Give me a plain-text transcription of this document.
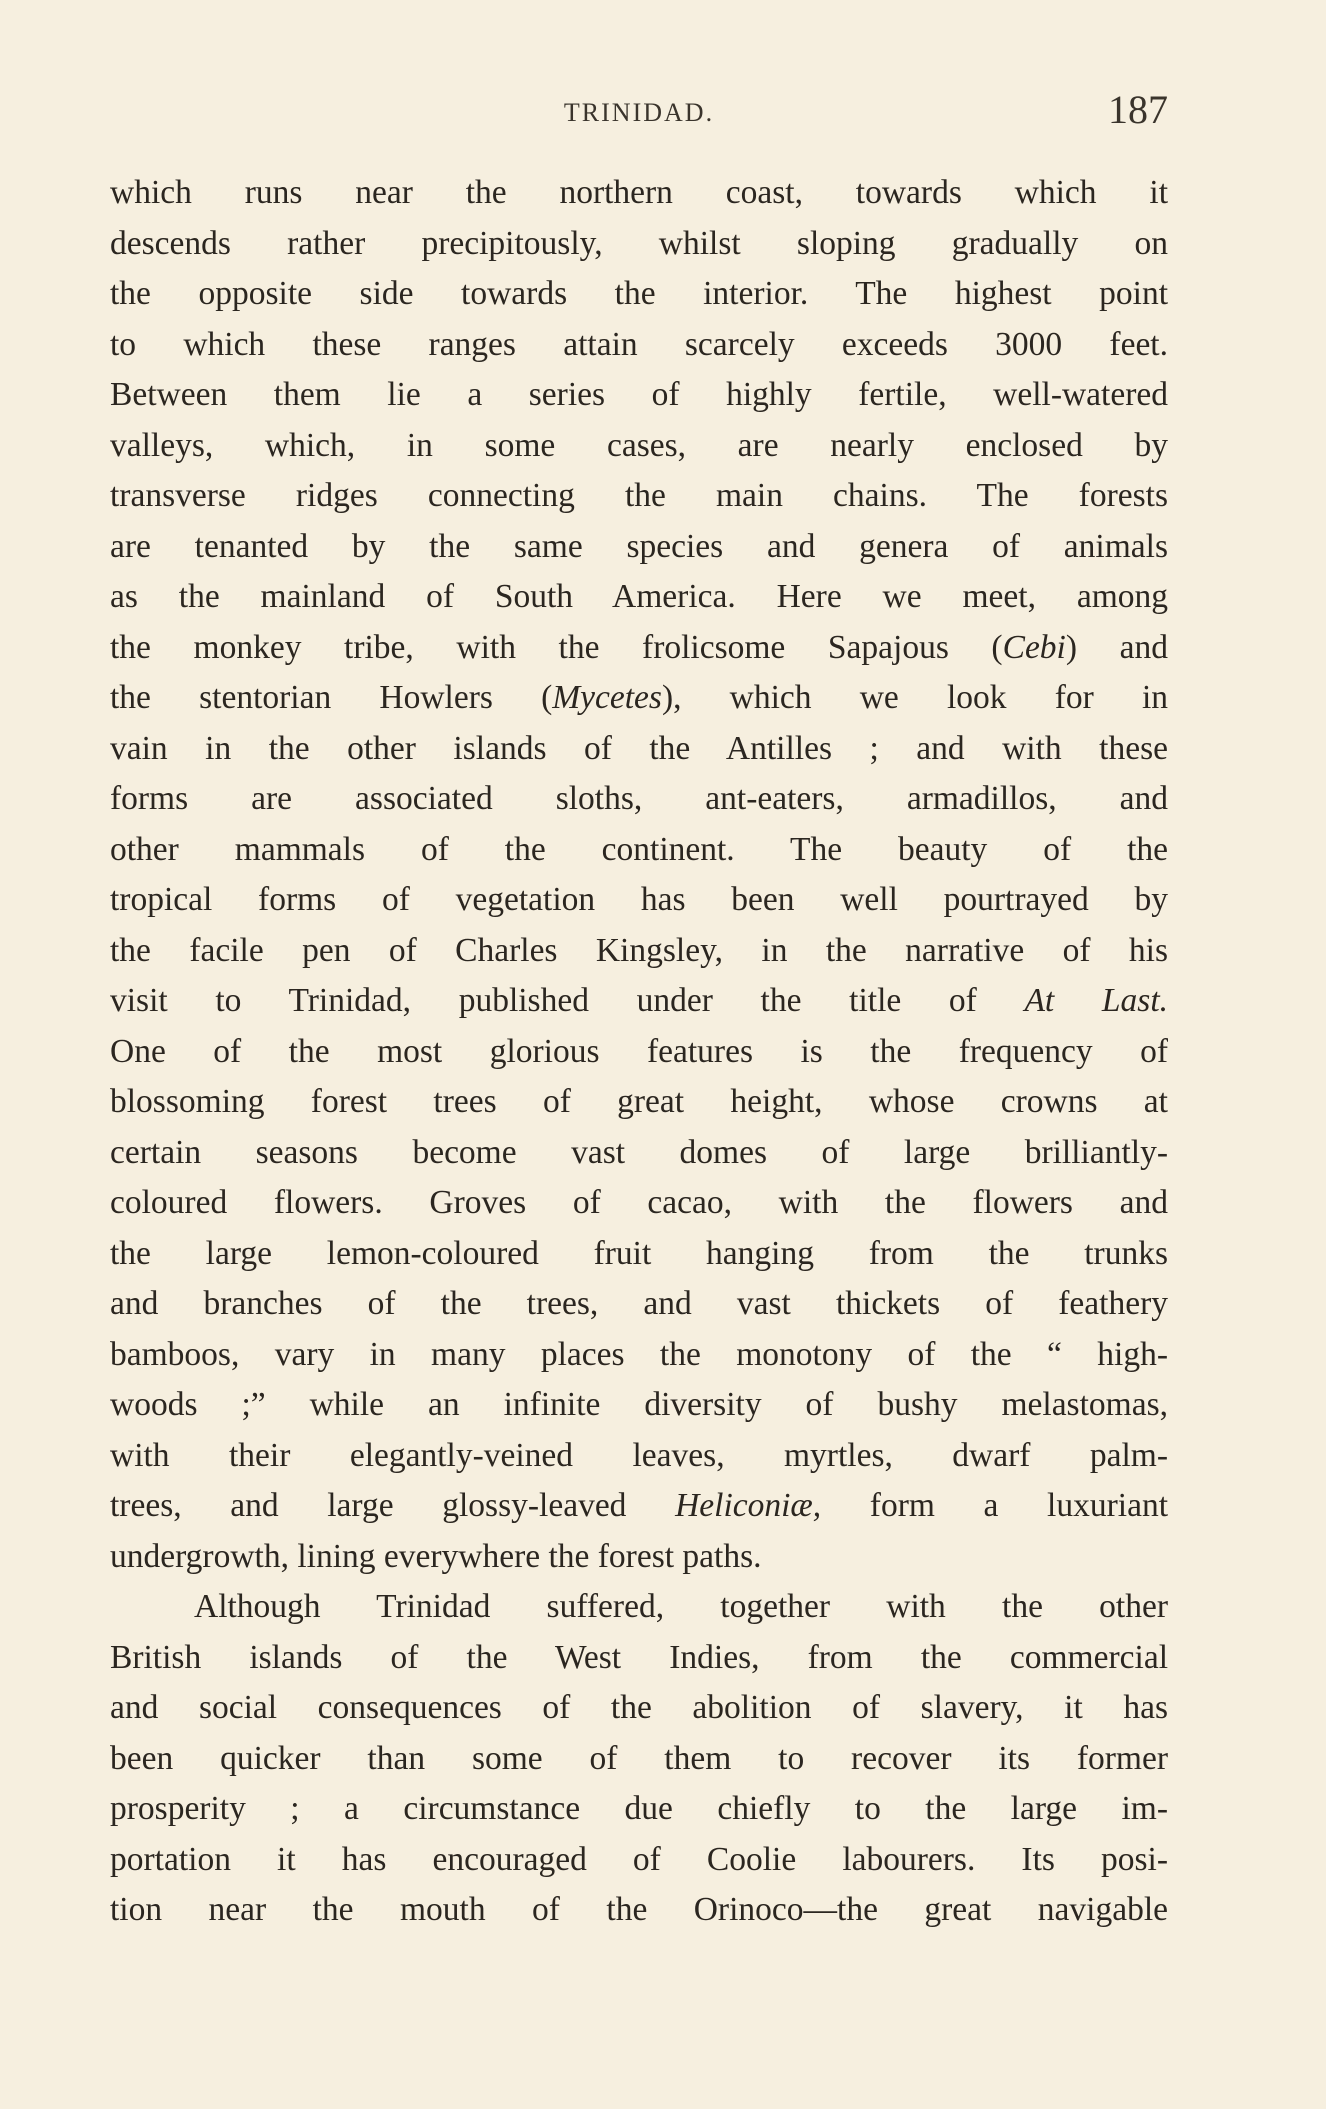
TRINIDAD.	187
which runs near the northern coast, towards which it
descends rather precipitously, whilst sloping gradually on
the opposite side towards the interior. The highest point
to which these ranges attain scarcely exceeds 3000 feet.
Between them lie a series of highly fertile, well-watered
valleys, which, in some cases, are nearly enclosed by
transverse ridges connecting the main chains. The forests
are tenanted by the same species and genera of animals
as the mainland of South America. Here we meet, among
the monkey tribe, with the frolicsome Sapajous (Cebi) and
the stentorian Howlers (Mycetes), which we look for in
vain in the other islands of the Antilles ; and with these
forms are associated sloths, ant-eaters, armadillos, and
other mammals of the continent. The beauty of the
tropical forms of vegetation has been well pourtrayed by
the facile pen of Charles Kingsley, in the narrative of his
visit to Trinidad, published under the title of At Last.
One of the most glorious features is the frequency of
blossoming forest trees of great height, whose crowns at
certain seasons become vast domes of large brilliantly-
coloured flowers. Groves of cacao, with the flowers and
the large lemon-coloured fruit hanging from the trunks
and branches of the trees, and vast thickets of feathery
bamboos, vary in many places the monotony of the “ high-
woods ;” while an infinite diversity of bushy melastomas,
with their elegantly-veined leaves, myrtles, dwarf palm-
trees, and large glossy-leaved Heliconiæ, form a luxuriant
undergrowth, lining everywhere the forest paths.
Although Trinidad suffered, together with the other
British islands of the West Indies, from the commercial
and social consequences of the abolition of slavery, it has
been quicker than some of them to recover its former
prosperity ; a circumstance due chiefly to the large im-
portation it has encouraged of Coolie labourers. Its posi-
tion near the mouth of the Orinoco—the great navigable
